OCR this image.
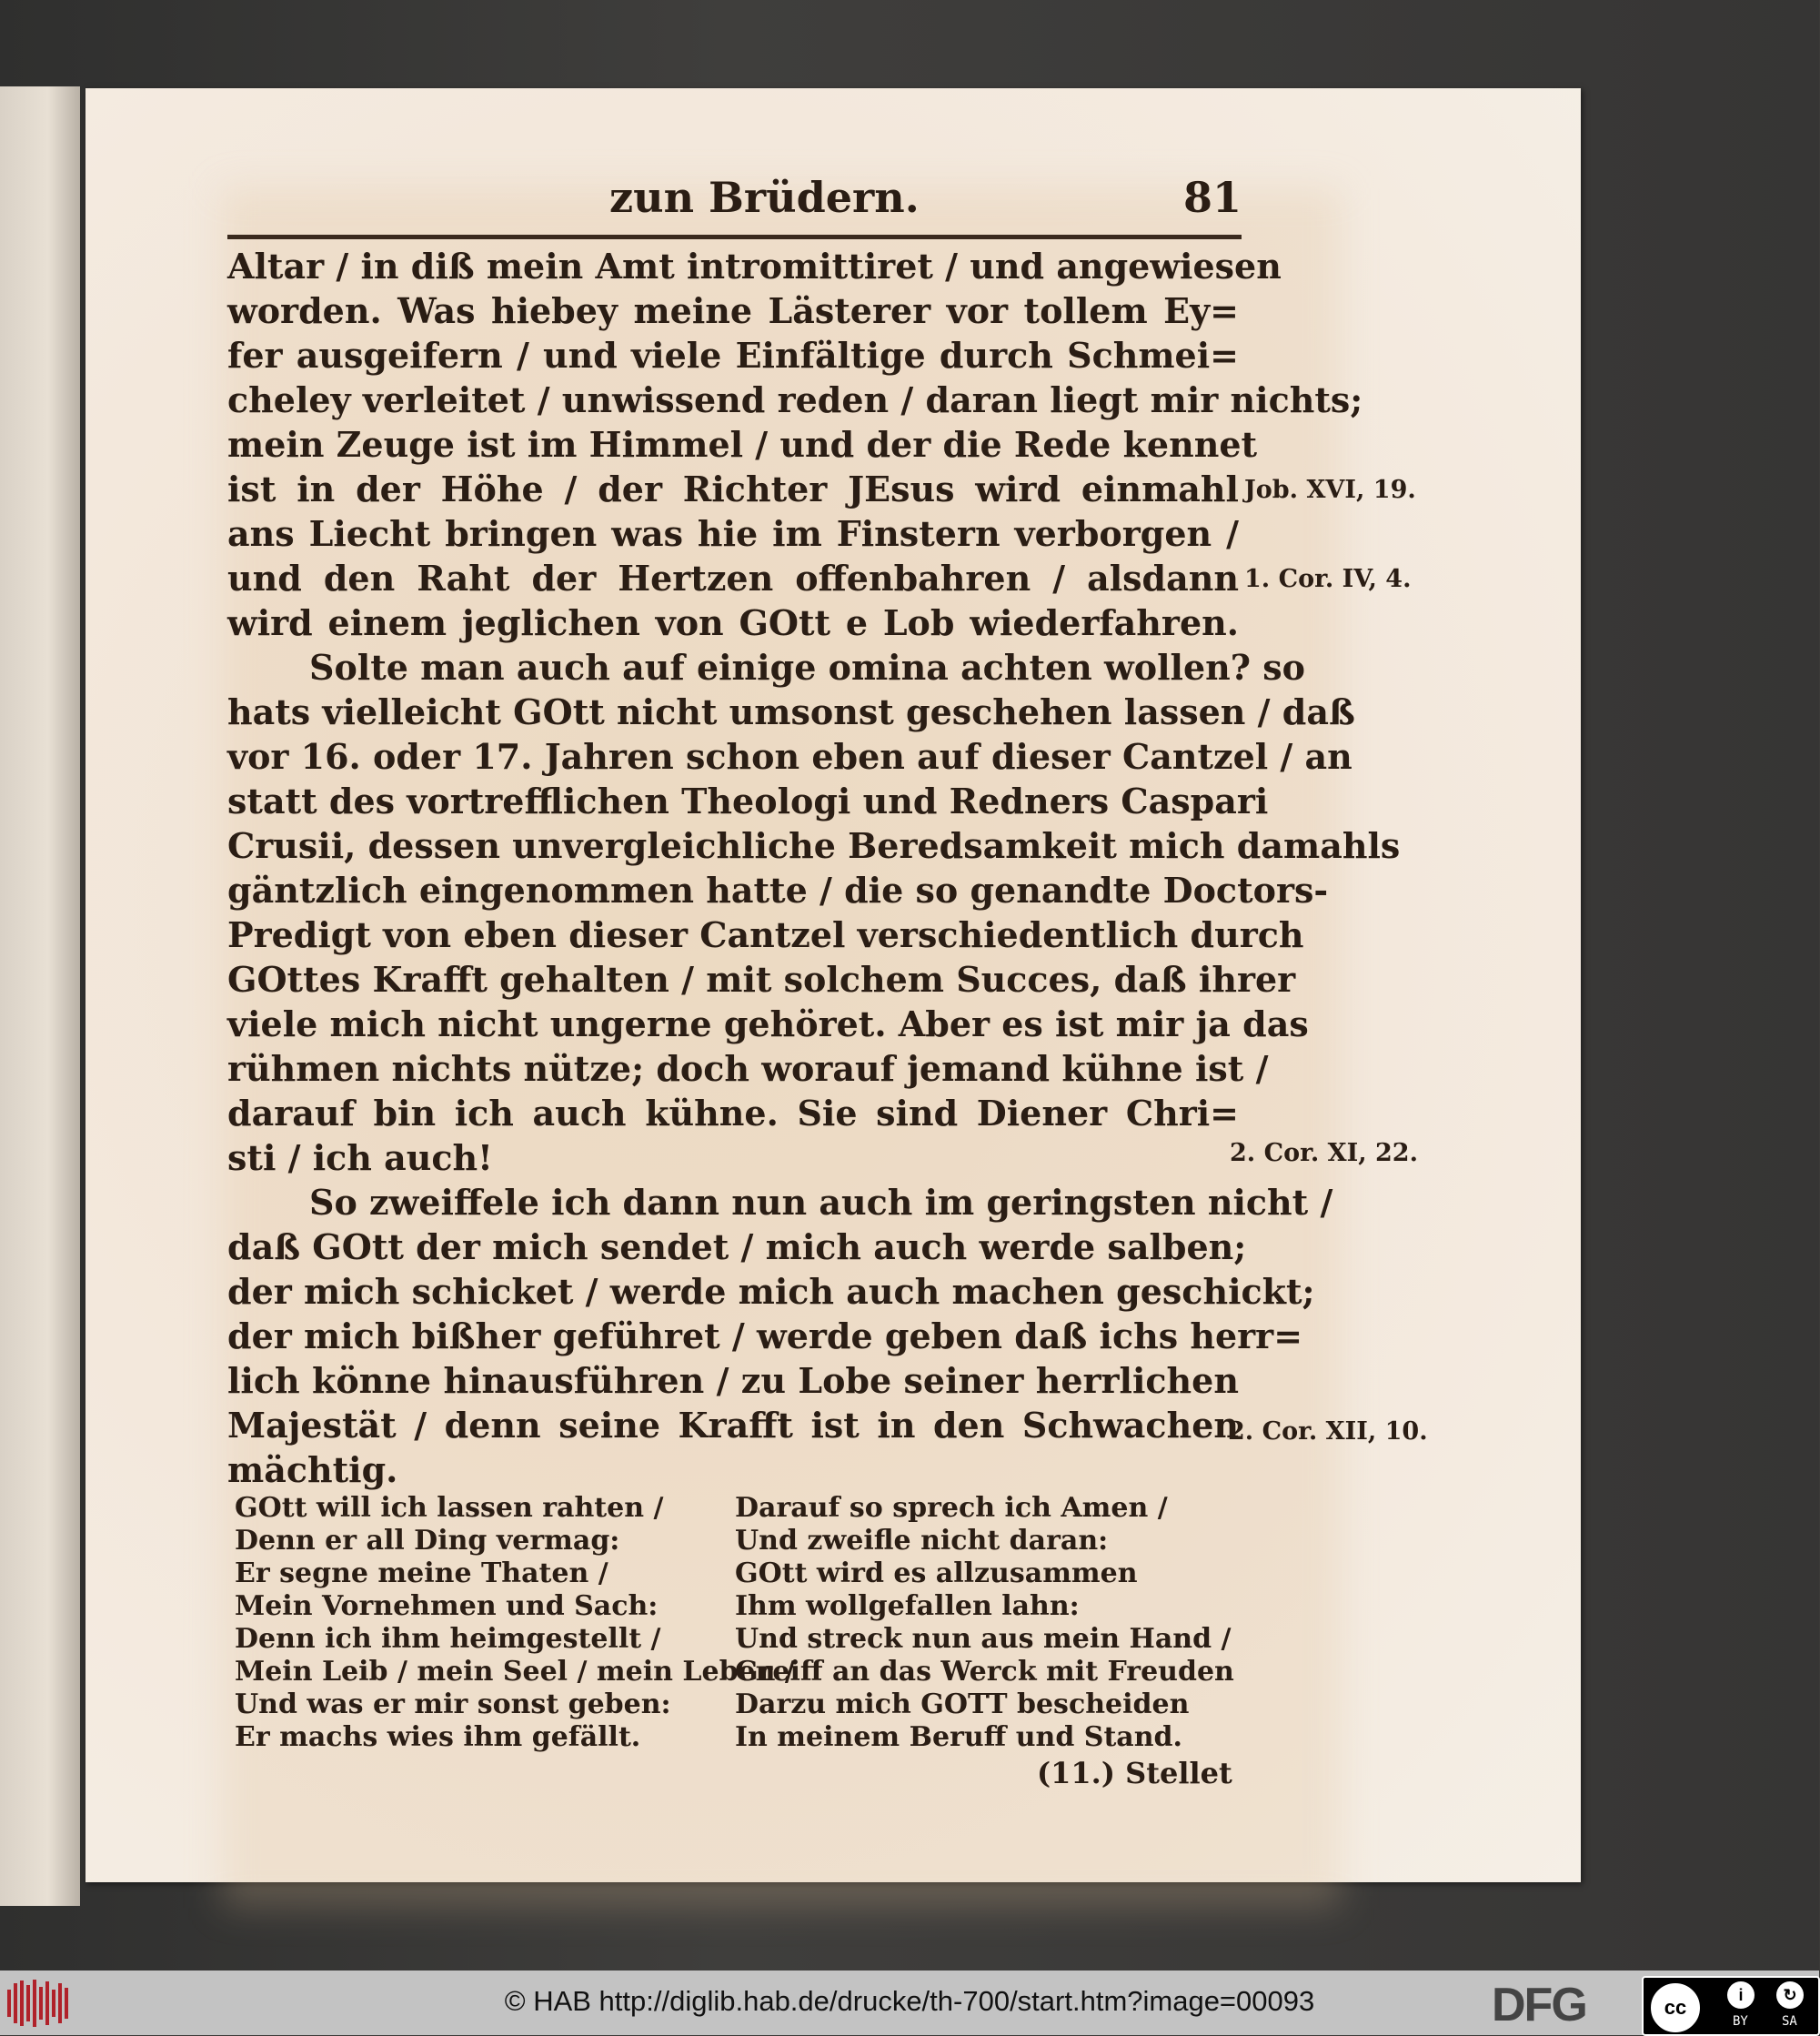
zun Brüdern.	81
Altar / in diß mein Amt intromittiret / und angewiesen
worden. Was hiebey meine Lästerer vor tollem Ey=
fer ausgeifern / und viele Einfältige durch Schmei=
cheley verleitet / unwissend reden / daran liegt mir nichts;
mein Zeuge ist im Himmel / und der die Rede kennet
ist in der Höhe / der Richter JEsus wird einmahl
ans Liecht bringen was hie im Finstern verborgen /
und den Raht der Hertzen offenbahren / alsdann
wird einem jeglichen von GOtt e Lob wiederfahren.
Solte man auch auf einige omina achten wollen? so
hats vielleicht GOtt nicht umsonst geschehen lassen / daß
vor 16. oder 17. Jahren schon eben auf dieser Cantzel / an
statt des vortrefflichen Theologi und Redners Caspari
Crusii, dessen unvergleichliche Beredsamkeit mich damahls
gäntzlich eingenommen hatte / die so genandte Doctors-
Predigt von eben dieser Cantzel verschiedentlich durch
GOttes Krafft gehalten / mit solchem Succes, daß ihrer
viele mich nicht ungerne gehöret. Aber es ist mir ja das
rühmen nichts nütze; doch worauf jemand kühne ist /
darauf bin ich auch kühne. Sie sind Diener Chri=
sti / ich auch!
So zweiffele ich dann nun auch im geringsten nicht /
daß GOtt der mich sendet / mich auch werde salben;
der mich schicket / werde mich auch machen geschickt;
der mich bißher geführet / werde geben daß ichs herr=
lich könne hinausführen / zu Lobe seiner herrlichen
Majestät / denn seine Krafft ist in den Schwachen
mächtig.
Job. XVI, 19.
1. Cor. IV, 4.
2. Cor. XI, 22.
2. Cor. XII, 10.
GOtt will ich lassen rahten /
Denn er all Ding vermag:
Er segne meine Thaten /
Mein Vornehmen und Sach:
Denn ich ihm heimgestellt /
Mein Leib / mein Seel / mein Leben /
Und was er mir sonst geben:
Er machs wies ihm gefällt.
Darauf so sprech ich Amen /
Und zweifle nicht daran:
GOtt wird es allzusammen
Ihm wollgefallen lahn:
Und streck nun aus mein Hand /
Greiff an das Werck mit Freuden
Darzu mich GOTT bescheiden
In meinem Beruff und Stand.
(11.) Stellet
© HAB http://diglib.hab.de/drucke/th-700/start.htm?image=00093	DFG	cc
i	↻
BY	SA
